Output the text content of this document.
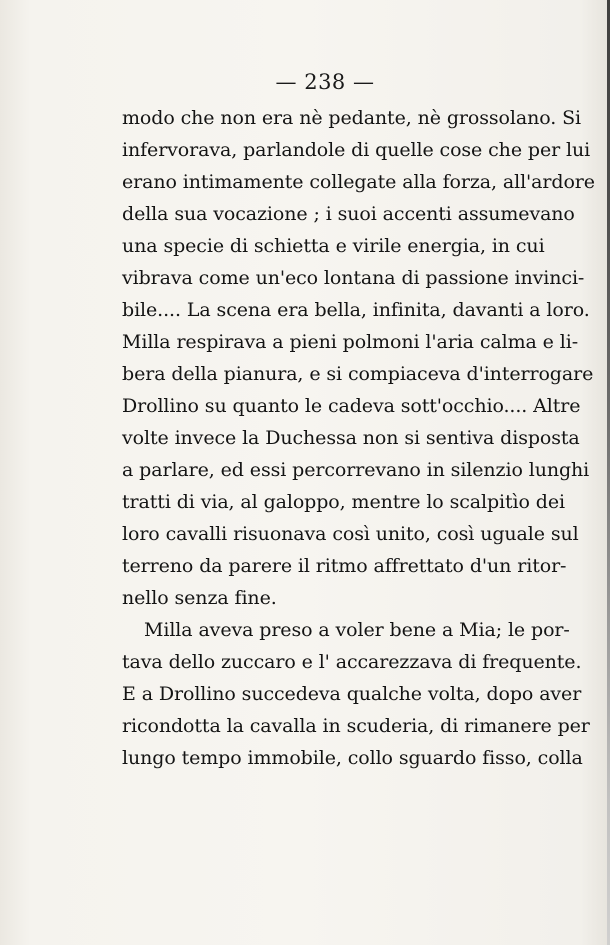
— 238 —
modo che non era nè pedante, nè grossolano. Si
infervorava, parlandole di quelle cose che per lui
erano intimamente collegate alla forza, all'ardore
della sua vocazione ; i suoi accenti assumevano
una specie di schietta e virile energia, in cui
vibrava come un'eco lontana di passione invinci-
bile.... La scena era bella, infinita, davanti a loro.
Milla respirava a pieni polmoni l'aria calma e li-
bera della pianura, e si compiaceva d'interrogare
Drollino su quanto le cadeva sott'occhio.... Altre
volte invece la Duchessa non si sentiva disposta
a parlare, ed essi percorrevano in silenzio lunghi
tratti di via, al galoppo, mentre lo scalpitìo dei
loro cavalli risuonava così unito, così uguale sul
terreno da parere il ritmo affrettato d'un ritor-
nello senza fine.
Milla aveva preso a voler bene a Mia; le por-
tava dello zuccaro e l' accarezzava di frequente.
E a Drollino succedeva qualche volta, dopo aver
ricondotta la cavalla in scuderia, di rimanere per
lungo tempo immobile, collo sguardo fisso, colla
